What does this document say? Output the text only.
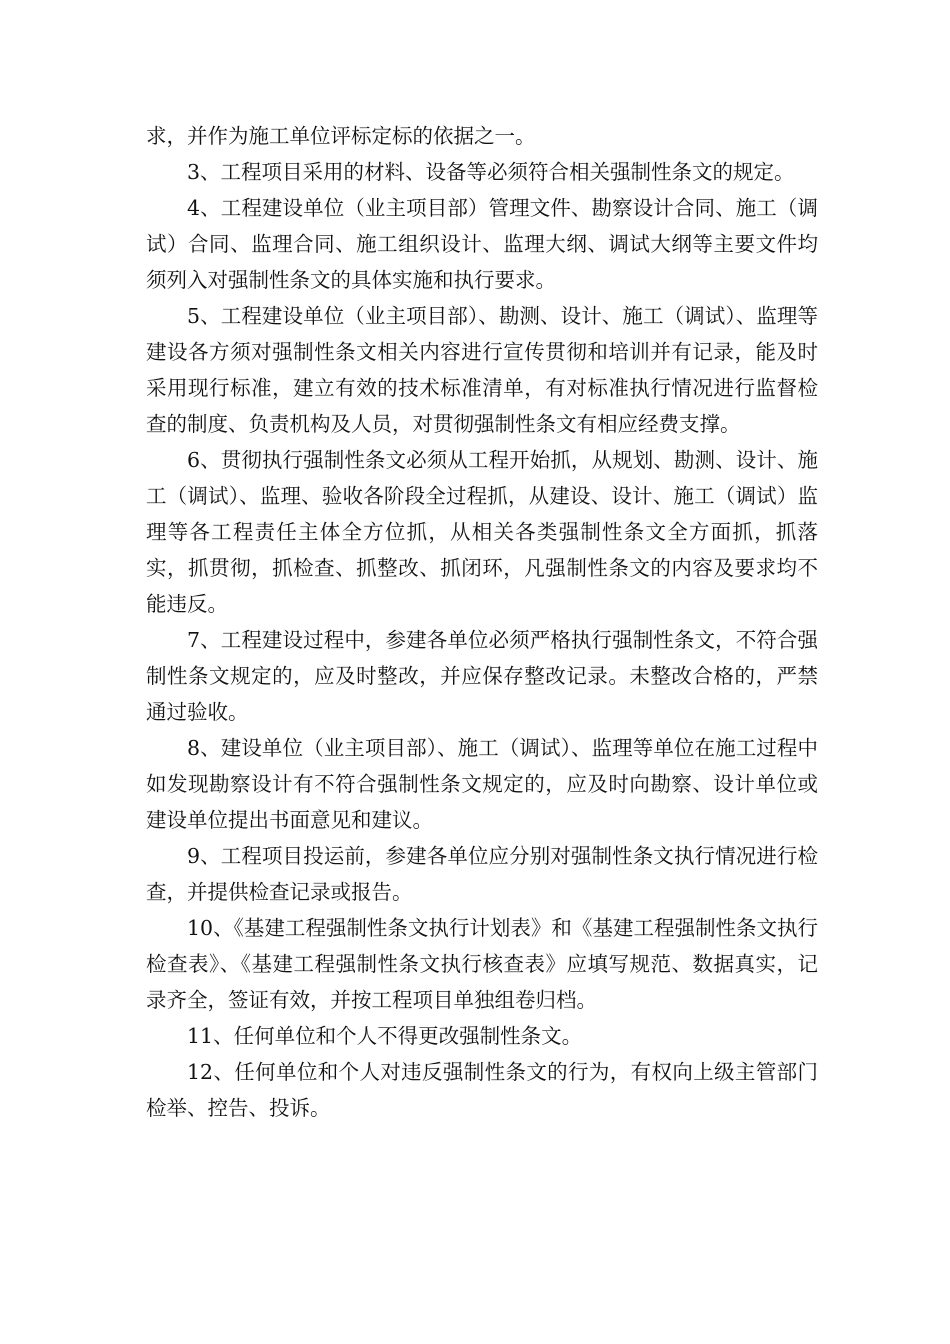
求，并作为施工单位评标定标的依据之一。

3、工程项目采用的材料、设备等必须符合相关强制性条文的规定。

4、工程建设单位（业主项目部）管理文件、勘察设计合同、施工（调试）合同、监理合同、施工组织设计、监理大纲、调试大纲等主要文件均须列入对强制性条文的具体实施和执行要求。

5、工程建设单位（业主项目部）、勘测、设计、施工（调试）、监理等建设各方须对强制性条文相关内容进行宣传贯彻和培训并有记录，能及时采用现行标准，建立有效的技术标准清单，有对标准执行情况进行监督检查的制度、负责机构及人员，对贯彻强制性条文有相应经费支撑。

6、贯彻执行强制性条文必须从工程开始抓，从规划、勘测、设计、施工（调试）、监理、验收各阶段全过程抓，从建设、设计、施工（调试）监理等各工程责任主体全方位抓，从相关各类强制性条文全方面抓，抓落实，抓贯彻，抓检查、抓整改、抓闭环，凡强制性条文的内容及要求均不能违反。

7、工程建设过程中，参建各单位必须严格执行强制性条文，不符合强制性条文规定的，应及时整改，并应保存整改记录。未整改合格的，严禁通过验收。

8、建设单位（业主项目部）、施工（调试）、监理等单位在施工过程中如发现勘察设计有不符合强制性条文规定的，应及时向勘察、设计单位或建设单位提出书面意见和建议。

9、工程项目投运前，参建各单位应分别对强制性条文执行情况进行检查，并提供检查记录或报告。

10、《基建工程强制性条文执行计划表》和《基建工程强制性条文执行检查表》、《基建工程强制性条文执行核查表》应填写规范、数据真实，记录齐全，签证有效，并按工程项目单独组卷归档。

11、任何单位和个人不得更改强制性条文。

12、任何单位和个人对违反强制性条文的行为，有权向上级主管部门检举、控告、投诉。
